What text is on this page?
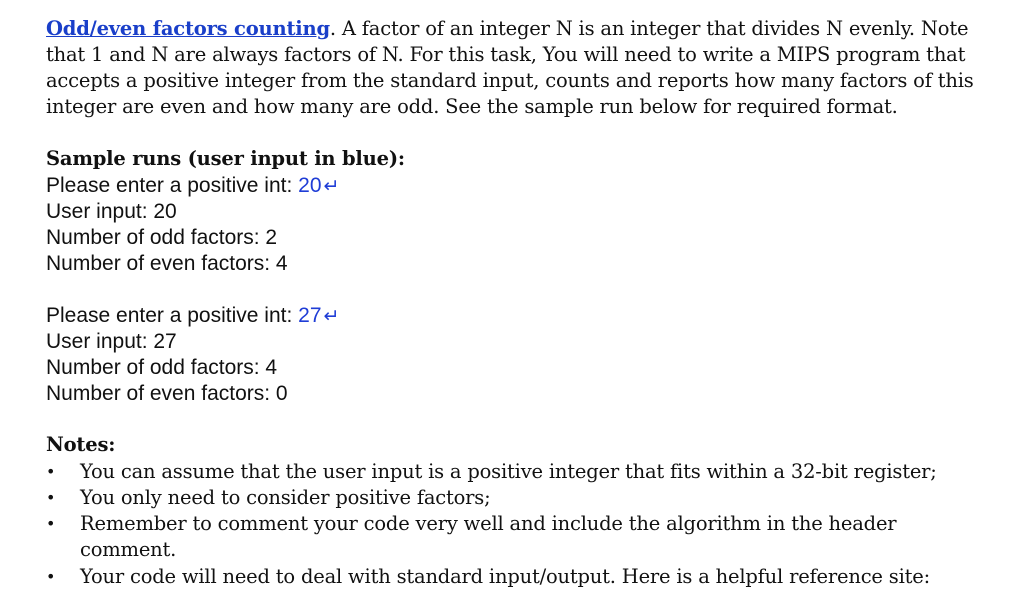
Odd/even factors counting. A factor of an integer N is an integer that divides N evenly. Note that 1 and N are always factors of N. For this task, You will need to write a MIPS program that accepts a positive integer from the standard input, counts and reports how many factors of this integer are even and how many are odd. See the sample run below for required format.
Sample runs (user input in blue):
Please enter a positive int: 20 ↵
User input: 20
Number of odd factors: 2
Number of even factors: 4
Please enter a positive int: 27 ↵
User input: 27
Number of odd factors: 4
Number of even factors: 0
Notes:
• You can assume that the user input is a positive integer that fits within a 32-bit register;
• You only need to consider positive factors;
• Remember to comment your code very well and include the algorithm in the header comment.
• Your code will need to deal with standard input/output. Here is a helpful reference site:
